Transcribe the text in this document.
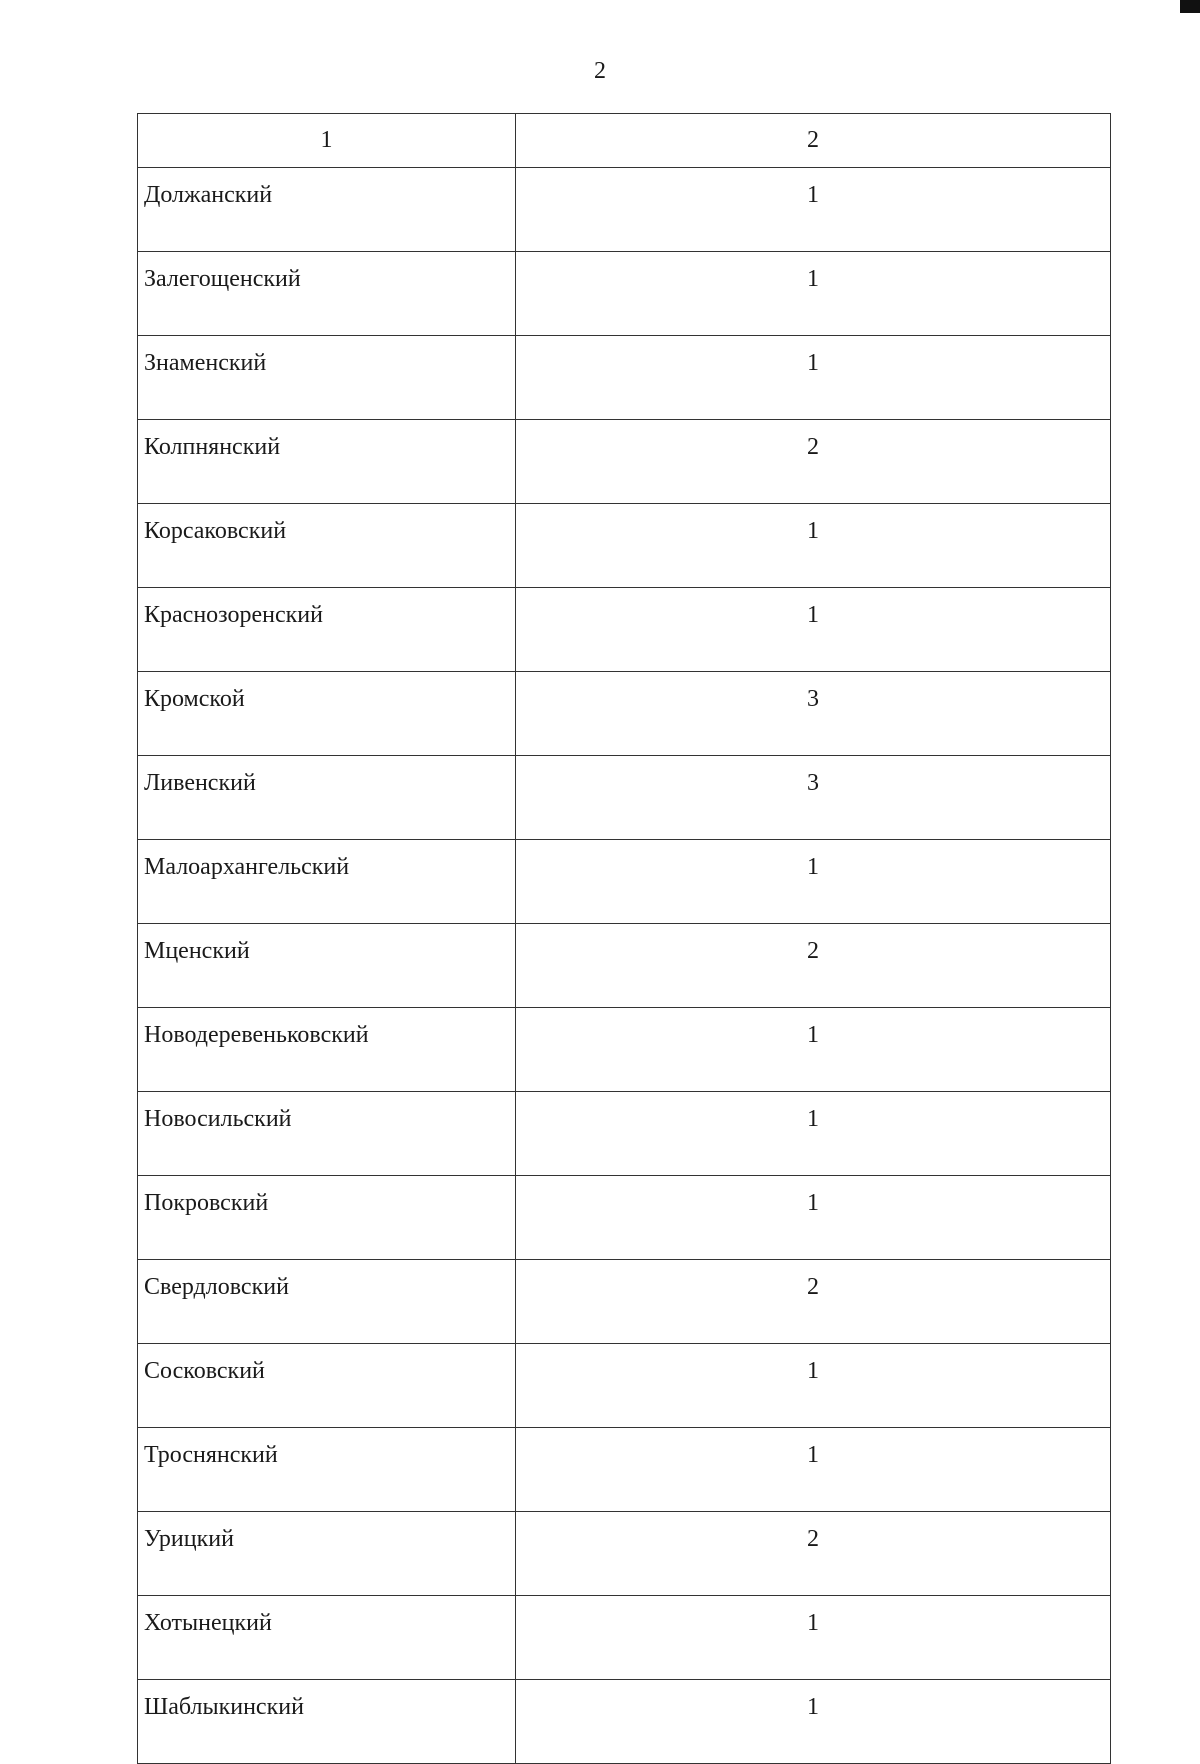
2
1	2
Должанский	1
Залегощенский	1
Знаменский	1
Колпнянский	2
Корсаковский	1
Краснозоренский	1
Кромской	3
Ливенский	3
Малоархангельский	1
Мценский	2
Новодеревеньковский	1
Новосильский	1
Покровский	1
Свердловский	2
Сосковский	1
Троснянский	1
Урицкий	2
Хотынецкий	1
Шаблыкинский	1
